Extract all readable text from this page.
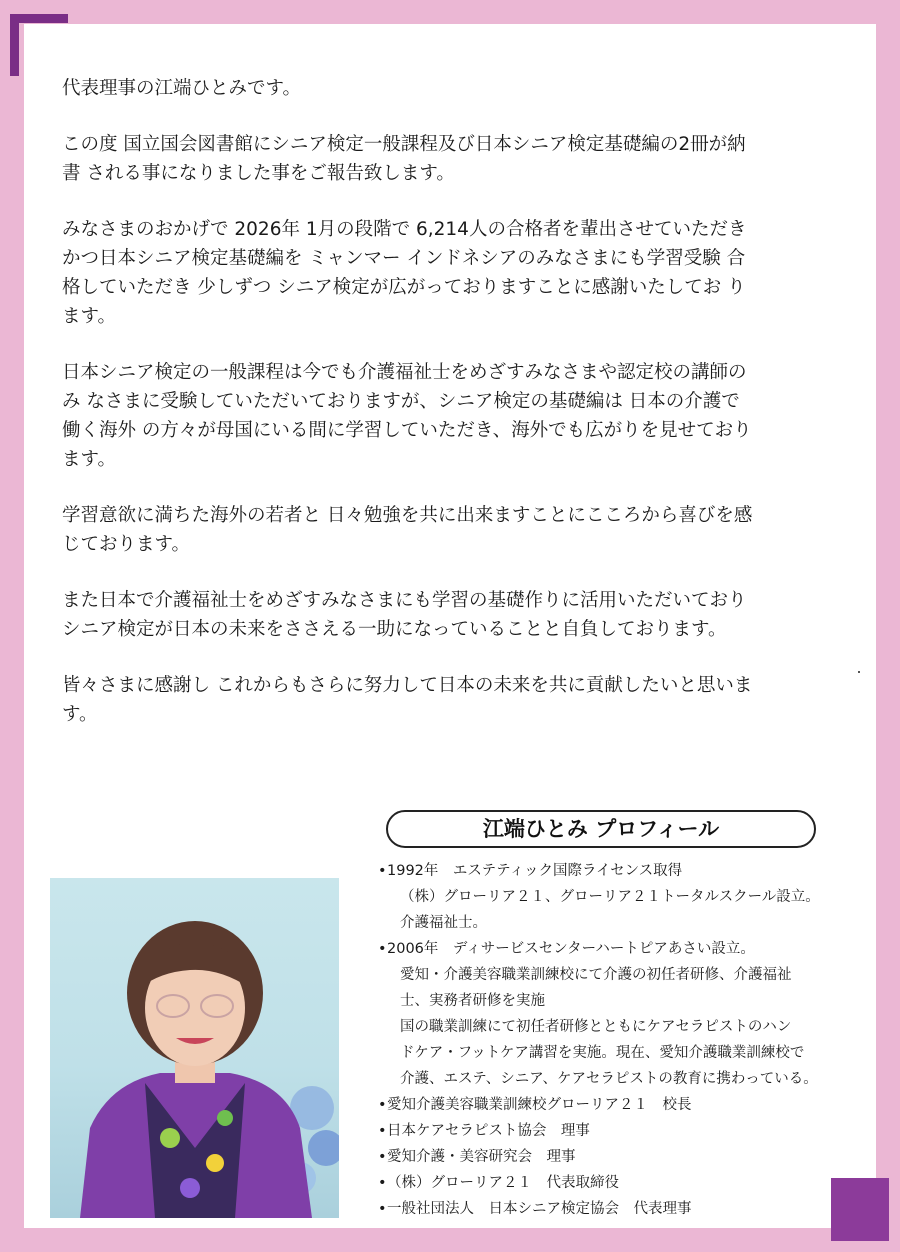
代表理事の江端ひとみです。

この度 国立国会図書館にシニア検定一般課程及び日本シニア検定基礎編の2冊が納
書 される事になりました事をご報告致します。

みなさまのおかげで 2026年 1月の段階で 6,214人の合格者を輩出させていただき
かつ日本シニア検定基礎編を ミャンマー インドネシアのみなさまにも学習受験 合
格していただき 少しずつ シニア検定が広がっておりますことに感謝いたしてお り
ます。

日本シニア検定の一般課程は今でも介護福祉士をめざすみなさまや認定校の講師の
み なさまに受験していただいておりますが、シニア検定の基礎編は 日本の介護で
働く海外 の方々が母国にいる間に学習していただき、海外でも広がりを見せており
ます。

学習意欲に満ちた海外の若者と 日々勉強を共に出来ますことにこころから喜びを感
じております。

また日本で介護福祉士をめざすみなさまにも学習の基礎作りに活用いただいており
シニア検定が日本の未来をささえる一助になっていることと自負しております。

皆々さまに感謝し これからもさらに努力して日本の未来を共に貢献したいと思いま
す。

江端ひとみ プロフィール
•1992年　エステティック国際ライセンス取得
（株）グローリア２１、グローリア２１トータルスクール設立。
介護福祉士。
•2006年　ディサービスセンターハートピアあさい設立。
愛知・介護美容職業訓練校にて介護の初任者研修、介護福祉
士、実務者研修を実施
国の職業訓練にて初任者研修とともにケアセラピストのハン
ドケア・フットケア講習を実施。現在、愛知介護職業訓練校で
介護、エステ、シニア、ケアセラピストの教育に携わっている。
•愛知介護美容職業訓練校グローリア２１　校長
•日本ケアセラピスト協会　理事
•愛知介護・美容研究会　理事
•（株）グローリア２１　代表取締役
•一般社団法人　日本シニア検定協会　代表理事
